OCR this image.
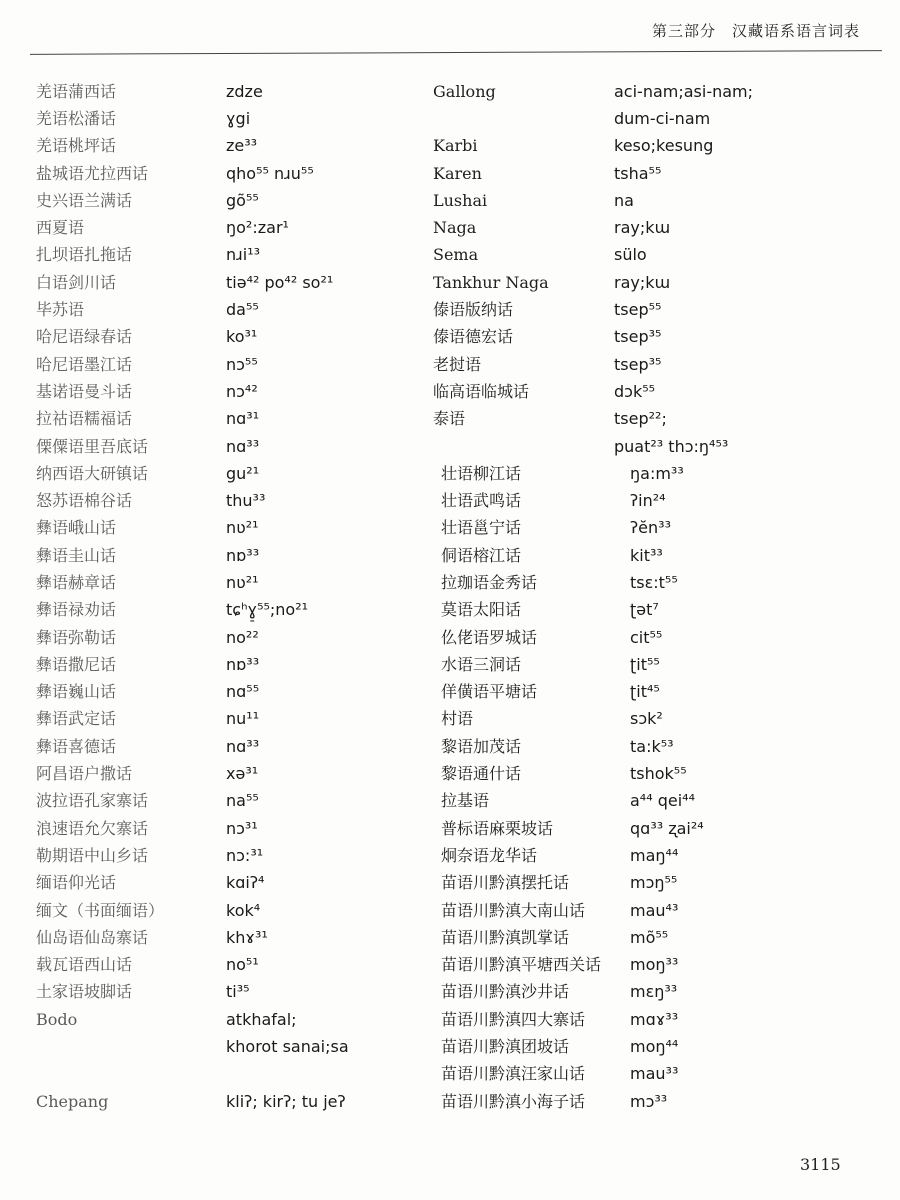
第三部分　汉藏语系语言词表
羌语蒲西话
羌语松潘话
羌语桃坪话
盐城语尤拉西话
史兴语兰满话
西夏语
扎坝语扎拖话
白语剑川话
毕苏语
哈尼语绿春话
哈尼语墨江话
基诺语曼斗话
拉祜语糯福话
傈僳语里吾底话
纳西语大研镇话
怒苏语棉谷话
彝语峨山话
彝语圭山话
彝语赫章话
彝语禄劝话
彝语弥勒话
彝语撒尼话
彝语巍山话
彝语武定话
彝语喜德话
阿昌语户撒话
波拉语孔家寨话
浪速语允欠寨话
勒期语中山乡话
缅语仰光话
缅文（书面缅语）
仙岛语仙岛寨话
载瓦语西山话
土家语坡脚话
Bodo
Chepang
zdze
ɣgi
ze³³
qho⁵⁵ nɹu⁵⁵
gõ⁵⁵
ŋo²:zar¹
nɹi¹³
tiə⁴² po⁴² so²¹
da⁵⁵
ko³¹
nɔ⁵⁵
nɔ⁴²
nɑ³¹
nɑ³³
gu²¹
thu³³
nʋ²¹
nɒ³³
nʋ²¹
tɕʰɣ̠⁵⁵;no²¹
no²²
nɒ³³
nɑ⁵⁵
nu¹¹
nɑ³³
xə³¹
na⁵⁵
nɔ³¹
nɔ:³¹
kɑiʔ⁴
kok⁴
khɤ³¹
no⁵¹
ti³⁵
atkhafal;
khorot sanai;sa
kliʔ; kirʔ; tu jeʔ
Gallong
Karbi
Karen
Lushai
Naga
Sema
Tankhur Naga
傣语版纳话
傣语德宏话
老挝语
临高语临城话
泰语
壮语柳江话
壮语武鸣话
壮语邕宁话
侗语榕江话
拉珈语金秀话
莫语太阳话
仫佬语罗城话
水语三洞话
佯僙语平塘话
村语
黎语加茂话
黎语通什话
拉基语
普标语麻栗坡话
炯奈语龙华话
苗语川黔滇摆托话
苗语川黔滇大南山话
苗语川黔滇凯掌话
苗语川黔滇平塘西关话
苗语川黔滇沙井话
苗语川黔滇四大寨话
苗语川黔滇团坡话
苗语川黔滇汪家山话
苗语川黔滇小海子话
aci-nam;asi-nam;
dum-ci-nam
keso;kesung
tsha⁵⁵
na
ray;kɯ
sülo
ray;kɯ
tsep⁵⁵
tsep³⁵
tsep³⁵
dɔk⁵⁵
tsep²²;
puat²³ thɔ:ŋ⁴⁵³
ŋa:m³³
ʔin²⁴
ʔĕn³³
kit³³
tsɛ:t⁵⁵
ʈət⁷
cit⁵⁵
ʈit⁵⁵
ʈit⁴⁵
sɔk²
ta:k⁵³
tshok⁵⁵
a⁴⁴ qei⁴⁴
qɑ³³ ʐai²⁴
maŋ⁴⁴
mɔŋ⁵⁵
mau⁴³
mõ⁵⁵
moŋ³³
mɛŋ³³
mɑɤ³³
moŋ⁴⁴
mau³³
mɔ³³
3115
